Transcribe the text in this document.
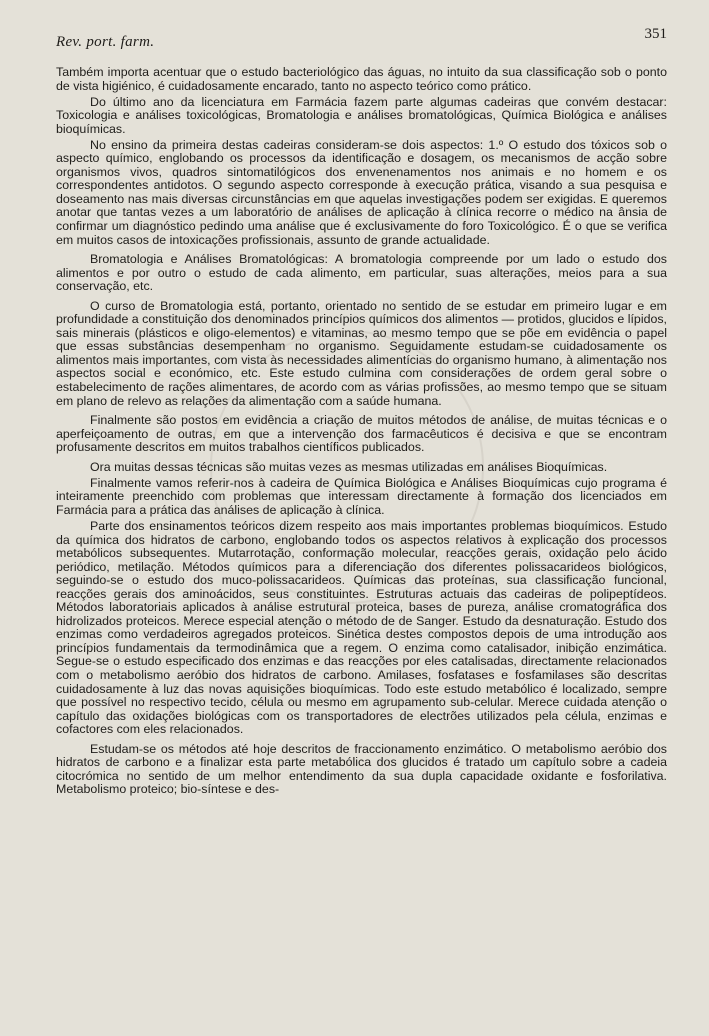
Rev. port. farm.	351

Também importa acentuar que o estudo bacteriológico das águas, no intuito da sua classificação sob o ponto de vista higiénico, é cuidadosamente encarado, tanto no aspecto teórico como prático.

Do último ano da licenciatura em Farmácia fazem parte algumas cadeiras que convém destacar: Toxicologia e análises toxicológicas, Bromatologia e análises bromatológicas, Química Biológica e análises bioquímicas.

No ensino da primeira destas cadeiras consideram-se dois aspectos: 1.º O estudo dos tóxicos sob o aspecto químico, englobando os processos da identificação e dosagem, os mecanismos de acção sobre organismos vivos, quadros sintomatilógicos dos envenenamentos nos animais e no homem e os correspondentes antidotos. O segundo aspecto corresponde à execução prática, visando a sua pesquisa e doseamento nas mais diversas circunstâncias em que aquelas investigações podem ser exigidas. E queremos anotar que tantas vezes a um laboratório de análises de aplicação à clínica recorre o médico na ânsia de confirmar um diagnóstico pedindo uma análise que é exclusivamente do foro Toxicológico. É o que se verifica em muitos casos de intoxicações profissionais, assunto de grande actualidade.

Bromatologia e Análises Bromatológicas: A bromatologia compreende por um lado o estudo dos alimentos e por outro o estudo de cada alimento, em particular, suas alterações, meios para a sua conservação, etc.

O curso de Bromatologia está, portanto, orientado no sentido de se estudar em primeiro lugar e em profundidade a constituição dos denominados princípios químicos dos alimentos — protidos, glucidos e lípidos, sais minerais (plásticos e oligo-elementos) e vitaminas, ao mesmo tempo que se põe em evidência o papel que essas substâncias desempenham no organismo. Seguidamente estudam-se cuidadosamente os alimentos mais importantes, com vista às necessidades alimentícias do organismo humano, à alimentação nos aspectos social e económico, etc. Este estudo culmina com considerações de ordem geral sobre o estabelecimento de rações alimentares, de acordo com as várias profissões, ao mesmo tempo que se situam em plano de relevo as relações da alimentação com a saúde humana.

Finalmente são postos em evidência a criação de muitos métodos de análise, de muitas técnicas e o aperfeiçoamento de outras, em que a intervenção dos farmacêuticos é decisiva e que se encontram profusamente descritos em muitos trabalhos científicos publicados.

Ora muitas dessas técnicas são muitas vezes as mesmas utilizadas em análises Bioquímicas.

Finalmente vamos referir-nos à cadeira de Química Biológica e Análises Bioquímicas cujo programa é inteiramente preenchido com problemas que interessam directamente à formação dos licenciados em Farmácia para a prática das análises de aplicação à clínica.

Parte dos ensinamentos teóricos dizem respeito aos mais importantes problemas bioquímicos. Estudo da química dos hidratos de carbono, englobando todos os aspectos relativos à explicação dos processos metabólicos subsequentes. Mutarrotação, conformação molecular, reacções gerais, oxidação pelo ácido periódico, metilação. Métodos químicos para a diferenciação dos diferentes polissacarideos biológicos, seguindo-se o estudo dos muco-polissacarideos. Químicas das proteínas, sua classificação funcional, reacções gerais dos aminoácidos, seus constituintes. Estruturas actuais das cadeiras de polipeptídeos. Métodos laboratoriais aplicados à análise estrutural proteica, bases de pureza, análise cromatográfica dos hidrolizados proteicos. Merece especial atenção o método de de Sanger. Estudo da desnaturação. Estudo dos enzimas como verdadeiros agregados proteicos. Sinética destes compostos depois de uma introdução aos princípios fundamentais da termodinâmica que a regem. O enzima como catalisador, inibição enzimática. Segue-se o estudo especificado dos enzimas e das reacções por eles catalisadas, directamente relacionados com o metabolismo aeróbio dos hidratos de carbono. Amilases, fosfatases e fosfamilases são descritas cuidadosamente à luz das novas aquisições bioquímicas. Todo este estudo metabólico é localizado, sempre que possível no respectivo tecido, célula ou mesmo em agrupamento sub-celular. Merece cuidada atenção o capítulo das oxidações biológicas com os transportadores de electrões utilizados pela célula, enzimas e cofactores com eles relacionados.

Estudam-se os métodos até hoje descritos de fraccionamento enzimático. O metabolismo aeróbio dos hidratos de carbono e a finalizar esta parte metabólica dos glucidos é tratado um capítulo sobre a cadeia citocrómica no sentido de um melhor entendimento da sua dupla capacidade oxidante e fosforilativa. Metabolismo proteico; bio-síntese e des-
